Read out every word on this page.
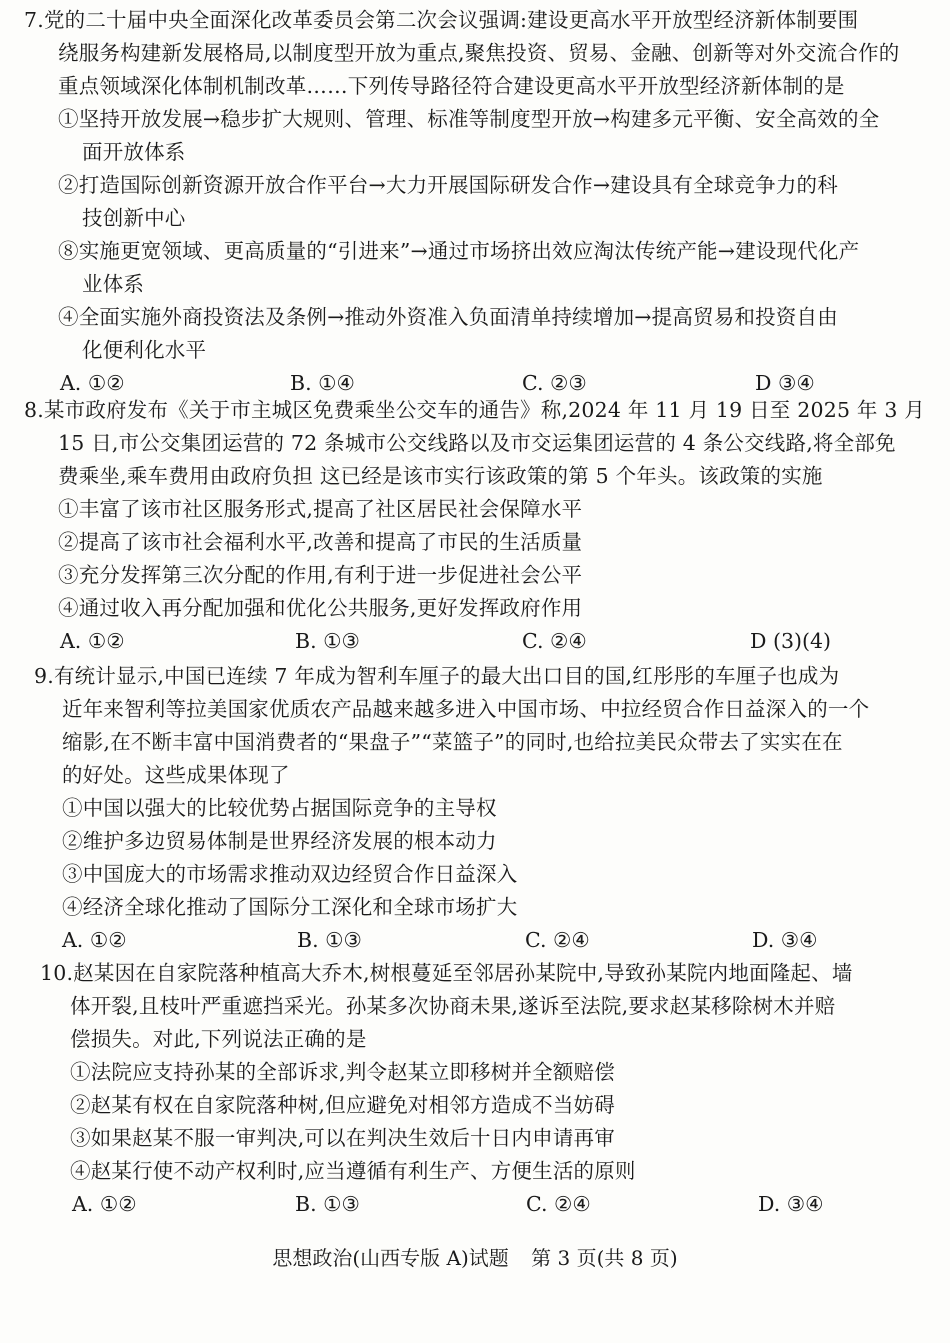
7.党的二十届中央全面深化改革委员会第二次会议强调:建设更高水平开放型经济新体制要围
绕服务构建新发展格局,以制度型开放为重点,聚焦投资、贸易、金融、创新等对外交流合作的
重点领域深化体制机制改革……下列传导路径符合建设更高水平开放型经济新体制的是
①坚持开放发展→稳步扩大规则、管理、标准等制度型开放→构建多元平衡、安全高效的全
面开放体系
②打造国际创新资源开放合作平台→大力开展国际研发合作→建设具有全球竞争力的科
技创新中心
⑧实施更宽领域、更高质量的“引进来”→通过市场挤出效应淘汰传统产能→建设现代化产
业体系
④全面实施外商投资法及条例→推动外资准入负面清单持续增加→提高贸易和投资自由
化便利化水平
A. ①②	B. ①④	C. ②③	D ③④
8.某市政府发布《关于市主城区免费乘坐公交车的通告》称,2024 年 11 月 19 日至 2025 年 3 月
15 日,市公交集团运营的 72 条城市公交线路以及市交运集团运营的 4 条公交线路,将全部免
费乘坐,乘车费用由政府负担 这已经是该市实行该政策的第 5 个年头。该政策的实施
①丰富了该市社区服务形式,提高了社区居民社会保障水平
②提高了该市社会福利水平,改善和提高了市民的生活质量
③充分发挥第三次分配的作用,有利于进一步促进社会公平
④通过收入再分配加强和优化公共服务,更好发挥政府作用
A. ①②	B. ①③	C. ②④	D (3)(4)
9.有统计显示,中国已连续 7 年成为智利车厘子的最大出口目的国,红彤彤的车厘子也成为
近年来智利等拉美国家优质农产品越来越多进入中国市场、中拉经贸合作日益深入的一个
缩影,在不断丰富中国消费者的“果盘子”“菜篮子”的同时,也给拉美民众带去了实实在在
的好处。这些成果体现了
①中国以强大的比较优势占据国际竞争的主导权
②维护多边贸易体制是世界经济发展的根本动力
③中国庞大的市场需求推动双边经贸合作日益深入
④经济全球化推动了国际分工深化和全球市场扩大
A. ①②	B. ①③	C. ②④	D. ③④
10.赵某因在自家院落种植高大乔木,树根蔓延至邻居孙某院中,导致孙某院内地面隆起、墙
体开裂,且枝叶严重遮挡采光。孙某多次协商未果,遂诉至法院,要求赵某移除树木并赔
偿损失。对此,下列说法正确的是
①法院应支持孙某的全部诉求,判令赵某立即移树并全额赔偿
②赵某有权在自家院落种树,但应避免对相邻方造成不当妨碍
③如果赵某不服一审判决,可以在判决生效后十日内申请再审
④赵某行使不动产权利时,应当遵循有利生产、方便生活的原则
A. ①②	B. ①③	C. ②④	D. ③④
思想政治(山西专版 A)试题 第 3 页(共 8 页)
